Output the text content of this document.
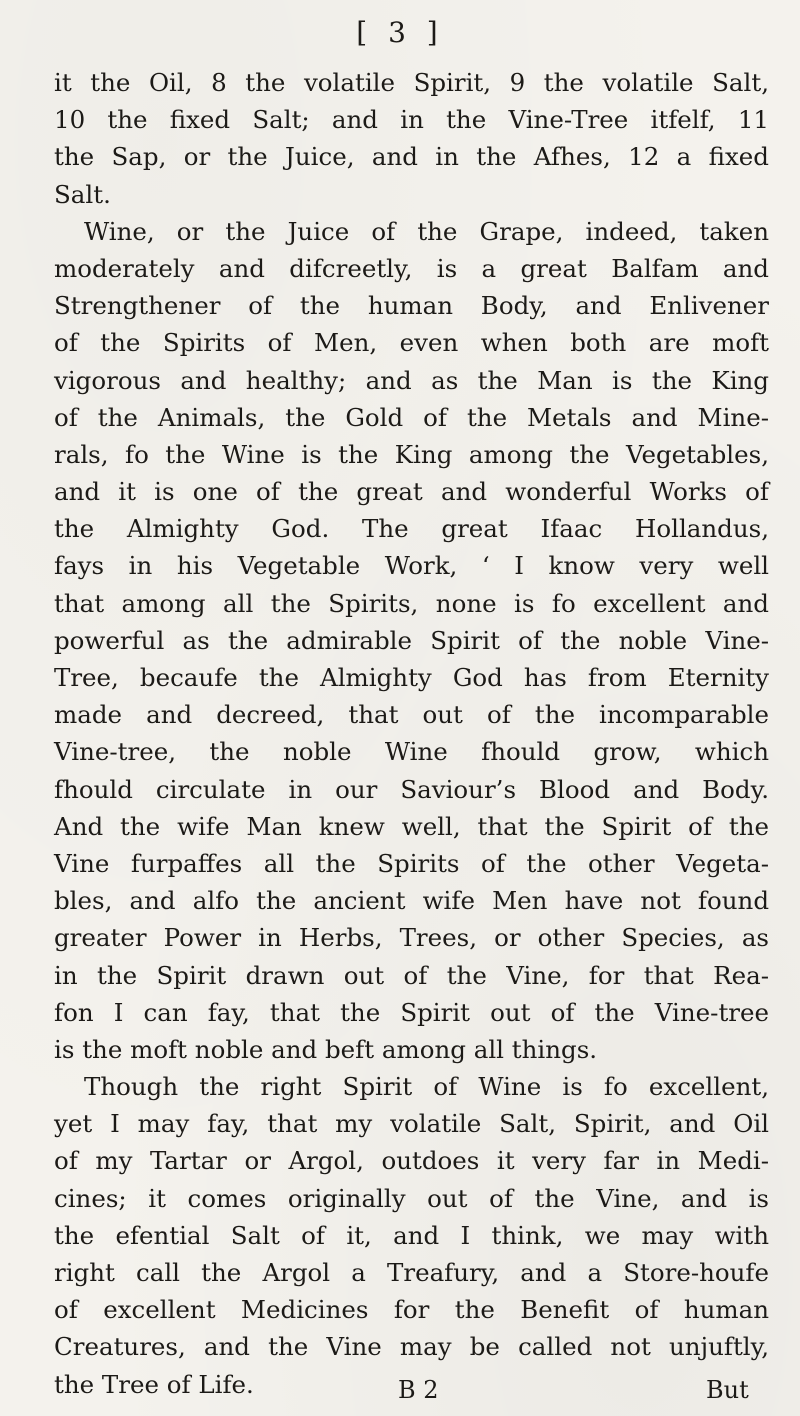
[ 3 ]
it the Oil, 8 the volatile Spirit, 9 the volatile Salt,
10 the fixed Salt; and in the Vine-Tree itfelf, 11
the Sap, or the Juice, and in the Afhes, 12 a fixed
Salt.
Wine, or the Juice of the Grape, indeed, taken
moderately and difcreetly, is a great Balfam and
Strengthener of the human Body, and Enlivener
of the Spirits of Men, even when both are moft
vigorous and healthy; and as the Man is the King
of the Animals, the Gold of the Metals and Mine-
rals, fo the Wine is the King among the Vegetables,
and it is one of the great and wonderful Works of
the Almighty God. The great Ifaac Hollandus,
fays in his Vegetable Work, ‘ I know very well
that among all the Spirits, none is fo excellent and
powerful as the admirable Spirit of the noble Vine-
Tree, becaufe the Almighty God has from Eternity
made and decreed, that out of the incomparable
Vine-tree, the noble Wine fhould grow, which
fhould circulate in our Saviour’s Blood and Body.
And the wife Man knew well, that the Spirit of the
Vine furpaffes all the Spirits of the other Vegeta-
bles, and alfo the ancient wife Men have not found
greater Power in Herbs, Trees, or other Species, as
in the Spirit drawn out of the Vine, for that Rea-
fon I can fay, that the Spirit out of the Vine-tree
is the moft noble and beft among all things.
Though the right Spirit of Wine is fo excellent,
yet I may fay, that my volatile Salt, Spirit, and Oil
of my Tartar or Argol, outdoes it very far in Medi-
cines; it comes originally out of the Vine, and is
the efential Salt of it, and I think, we may with
right call the Argol a Treafury, and a Store-houfe
of excellent Medicines for the Benefit of human
Creatures, and the Vine may be called not unjuftly,
the Tree of Life.	B 2	But
